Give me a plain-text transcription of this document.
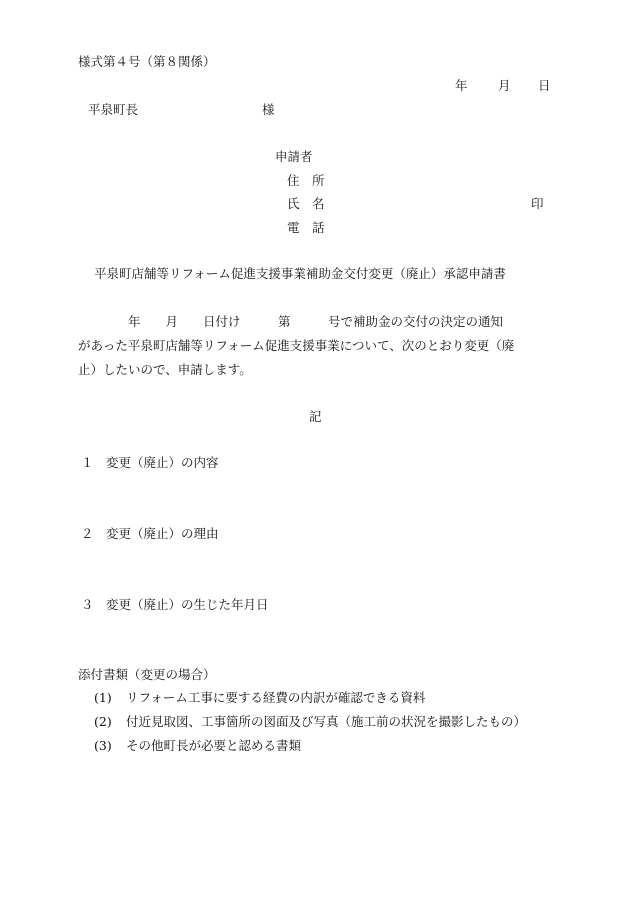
様式第４号（第８関係）
年 月 日
平泉町長	様
申請者
住　所
氏　名	印
電　話
平泉町店舗等リフォーム促進支援事業補助金交付変更（廃止）承認申請書
　　　　年　　月　　日付け　　　第　　　号で補助金の交付の決定の通知
があった平泉町店舗等リフォーム促進支援事業について、次のとおり変更（廃
止）したいので、申請します。
記
１ 変更（廃止）の内容
２ 変更（廃止）の理由
３ 変更（廃止）の生じた年月日
添付書類（変更の場合）
(1) リフォーム工事に要する経費の内訳が確認できる資料
(2) 付近見取図、工事箇所の図面及び写真（施工前の状況を撮影したもの）
(3) その他町長が必要と認める書類
